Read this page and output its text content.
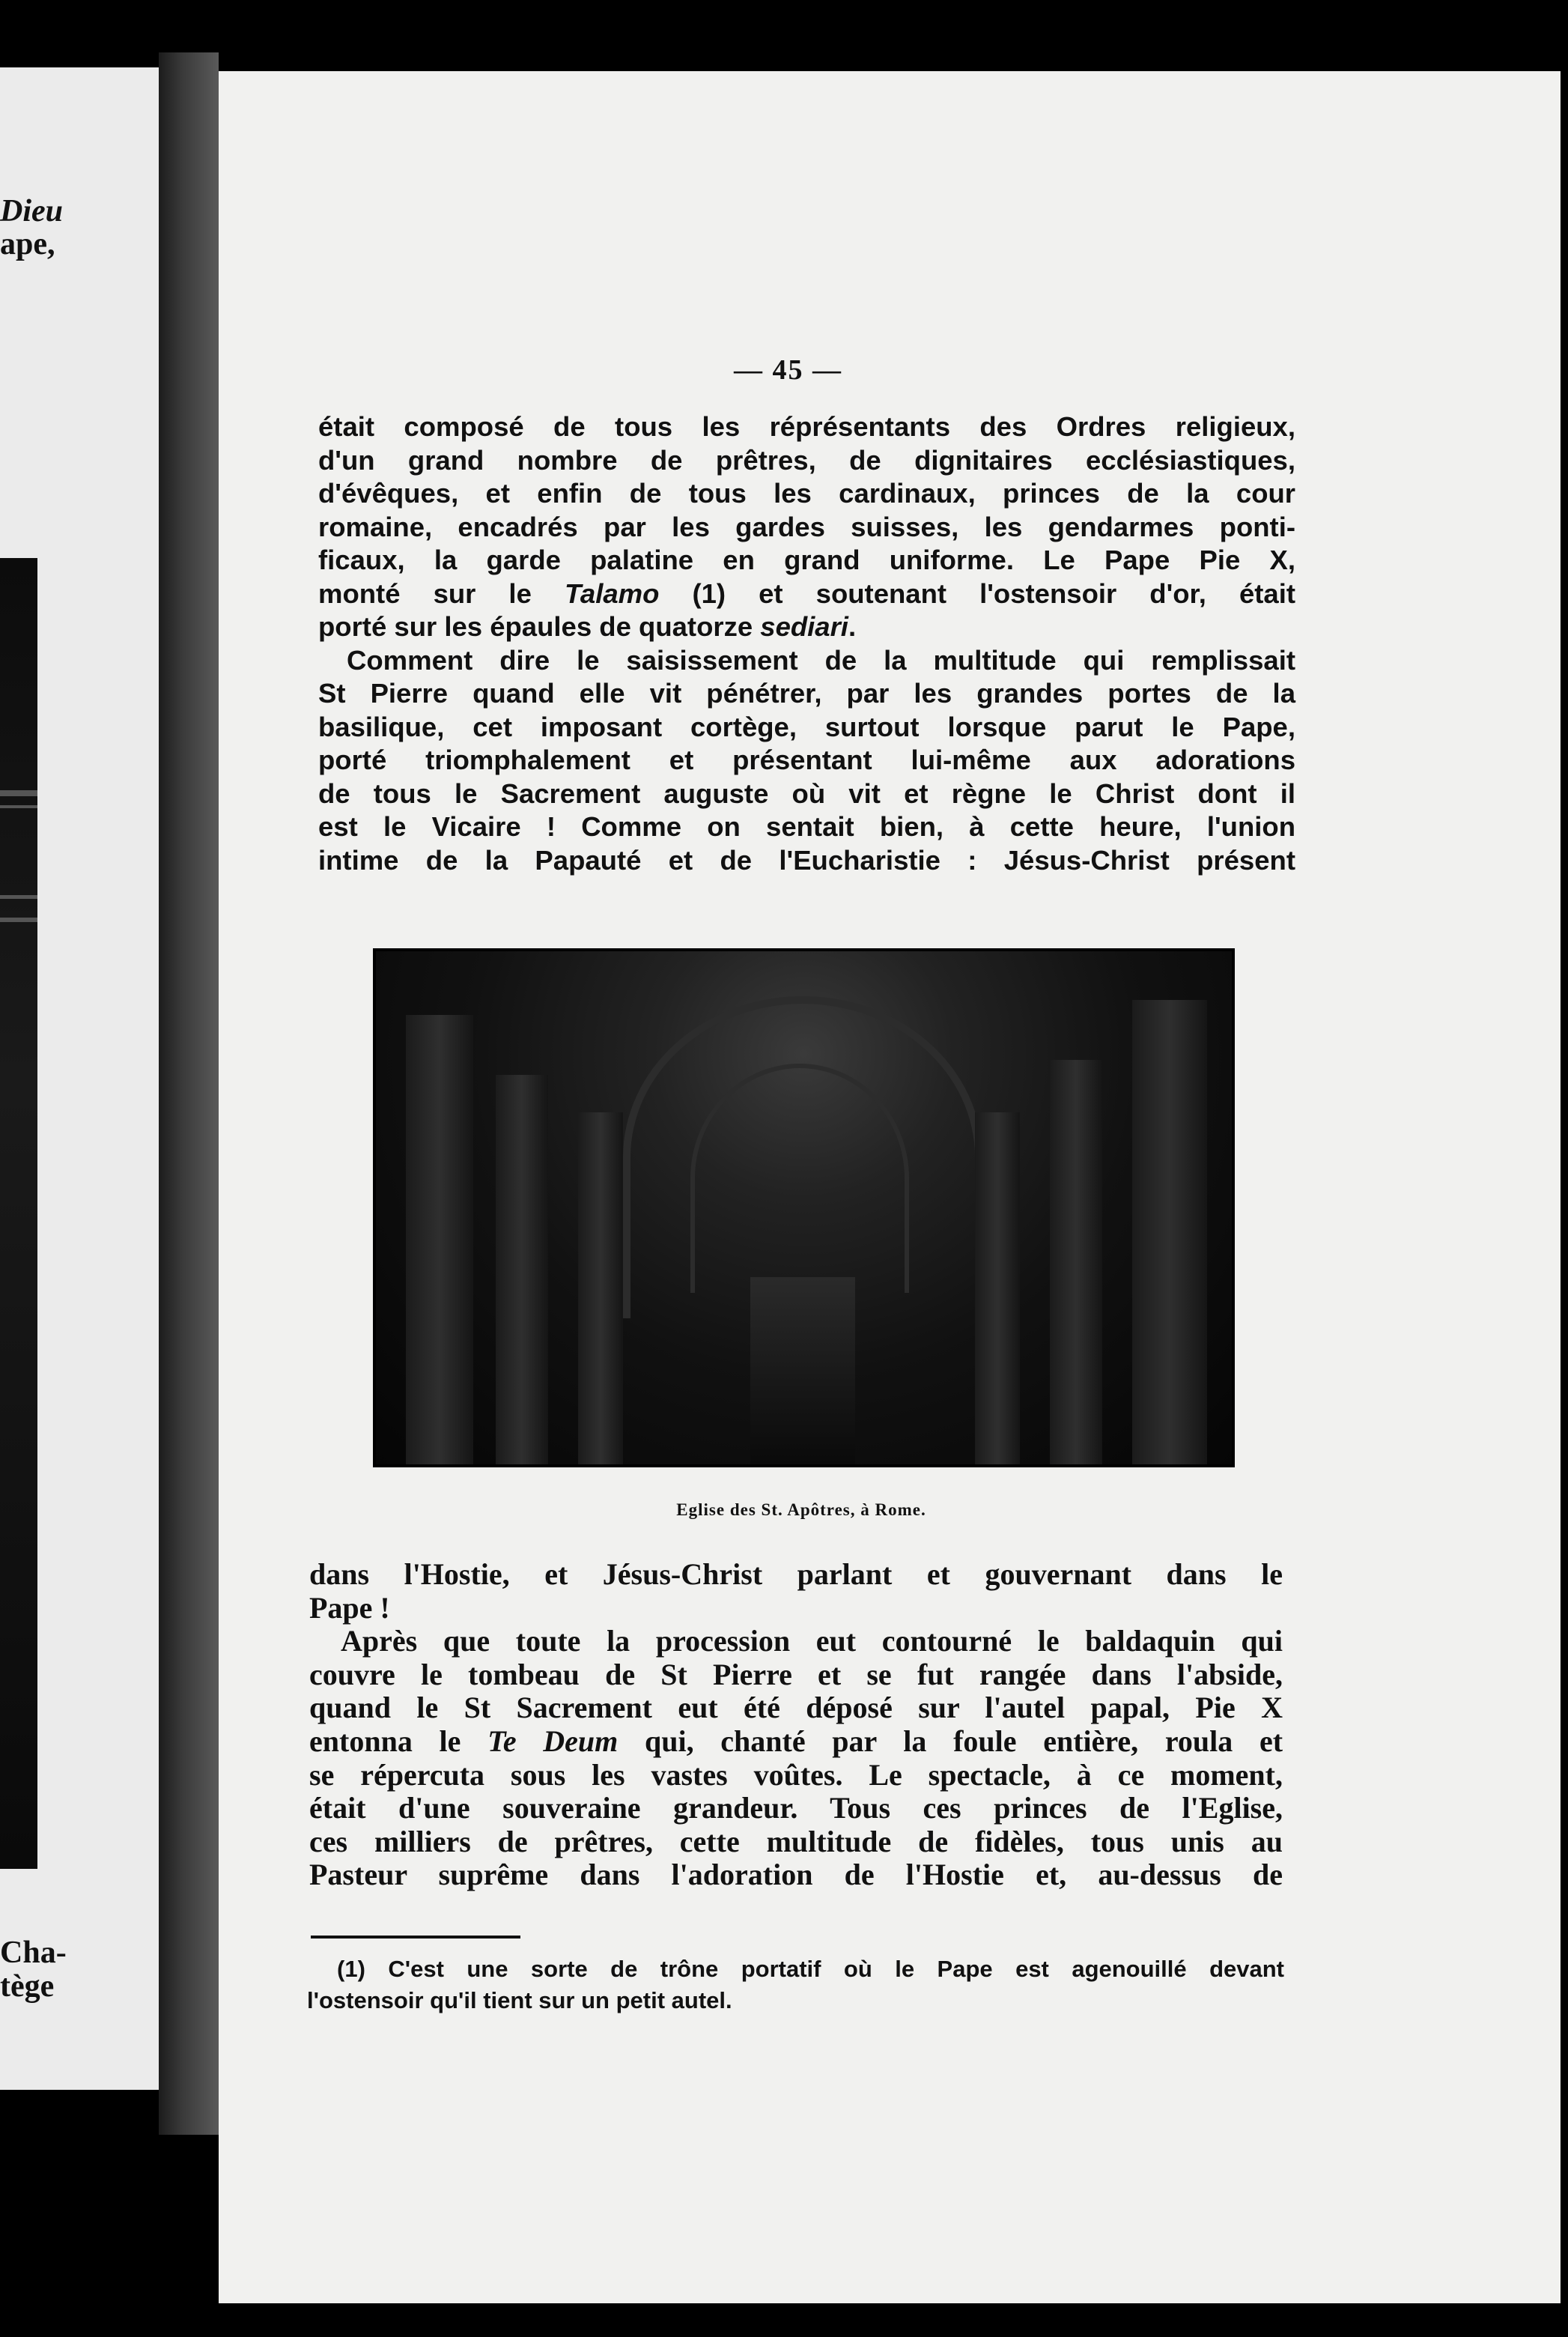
Dieu
ape,
Cha-
tège
— 45 —
était composé de tous les réprésentants des Ordres religieux,
d'un grand nombre de prêtres, de dignitaires ecclésiastiques,
d'évêques, et enfin de tous les cardinaux, princes de la cour
romaine, encadrés par les gardes suisses, les gendarmes ponti-
ficaux, la garde palatine en grand uniforme. Le Pape Pie X,
monté sur le Talamo (1) et soutenant l'ostensoir d'or, était
porté sur les épaules de quatorze sediari.
Comment dire le saisissement de la multitude qui remplissait
St Pierre quand elle vit pénétrer, par les grandes portes de la
basilique, cet imposant cortège, surtout lorsque parut le Pape,
porté triomphalement et présentant lui-même aux adorations
de tous le Sacrement auguste où vit et règne le Christ dont il
est le Vicaire ! Comme on sentait bien, à cette heure, l'union
intime de la Papauté et de l'Eucharistie : Jésus-Christ présent
Eglise des St. Apôtres, à Rome.
dans l'Hostie, et Jésus-Christ parlant et gouvernant dans le
Pape !
Après que toute la procession eut contourné le baldaquin qui
couvre le tombeau de St Pierre et se fut rangée dans l'abside,
quand le St Sacrement eut été déposé sur l'autel papal, Pie X
entonna le Te Deum qui, chanté par la foule entière, roula et
se répercuta sous les vastes voûtes. Le spectacle, à ce moment,
était d'une souveraine grandeur. Tous ces princes de l'Eglise,
ces milliers de prêtres, cette multitude de fidèles, tous unis au
Pasteur suprême dans l'adoration de l'Hostie et, au-dessus de
(1) C'est une sorte de trône portatif où le Pape est agenouillé devant
l'ostensoir qu'il tient sur un petit autel.
